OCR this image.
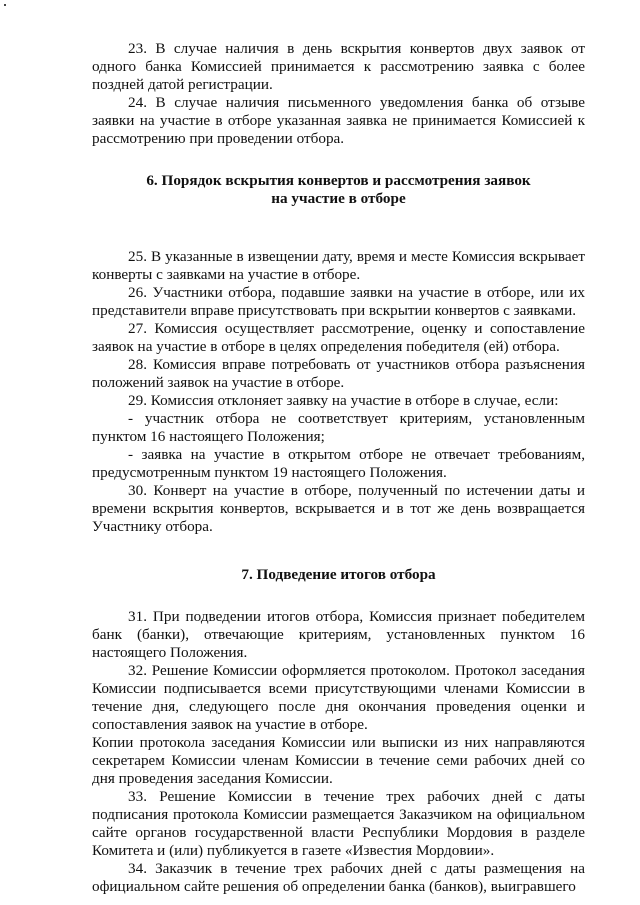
23. В случае наличия в день вскрытия конвертов двух заявок от одного банка Комиссией принимается к рассмотрению заявка с более поздней датой регистрации.
24. В случае наличия письменного уведомления банка об отзыве заявки на участие в отборе указанная заявка не принимается Комиссией к рассмотрению при проведении отбора.
6. Порядок вскрытия конвертов и рассмотрения заявок
на участие в отборе
25. В указанные в извещении дату, время и месте Комиссия вскрывает конверты с заявками на участие в отборе.
26. Участники отбора, подавшие заявки на участие в отборе, или их представители вправе присутствовать при вскрытии конвертов с заявками.
27. Комиссия осуществляет рассмотрение, оценку и сопоставление заявок на участие в отборе в целях определения победителя (ей) отбора.
28. Комиссия вправе потребовать от участников отбора разъяснения положений заявок на участие в отборе.
29. Комиссия отклоняет заявку на участие в отборе в случае, если:
- участник отбора не соответствует критериям, установленным пунктом 16 настоящего Положения;
- заявка на участие в открытом отборе не отвечает требованиям, предусмотренным пунктом 19 настоящего Положения.
30. Конверт на участие в отборе, полученный по истечении даты и времени вскрытия конвертов, вскрывается и в тот же день возвращается Участнику отбора.
7. Подведение итогов отбора
31. При подведении итогов отбора, Комиссия признает победителем банк (банки), отвечающие критериям, установленных пунктом 16 настоящего Положения.
32. Решение Комиссии оформляется протоколом. Протокол заседания Комиссии подписывается всеми присутствующими членами Комиссии в течение дня, следующего после дня окончания проведения оценки и сопоставления заявок на участие в отборе.
Копии протокола заседания Комиссии или выписки из них направляются секретарем Комиссии членам Комиссии в течение семи рабочих дней со дня проведения заседания Комиссии.
33. Решение Комиссии в течение трех рабочих дней с даты подписания протокола Комиссии размещается Заказчиком на официальном сайте органов государственной власти Республики Мордовия в разделе Комитета и (или) публикуется в газете «Известия Мордовии».
34. Заказчик в течение трех рабочих дней с даты размещения на официальном сайте решения об определении банка (банков), выигравшего
